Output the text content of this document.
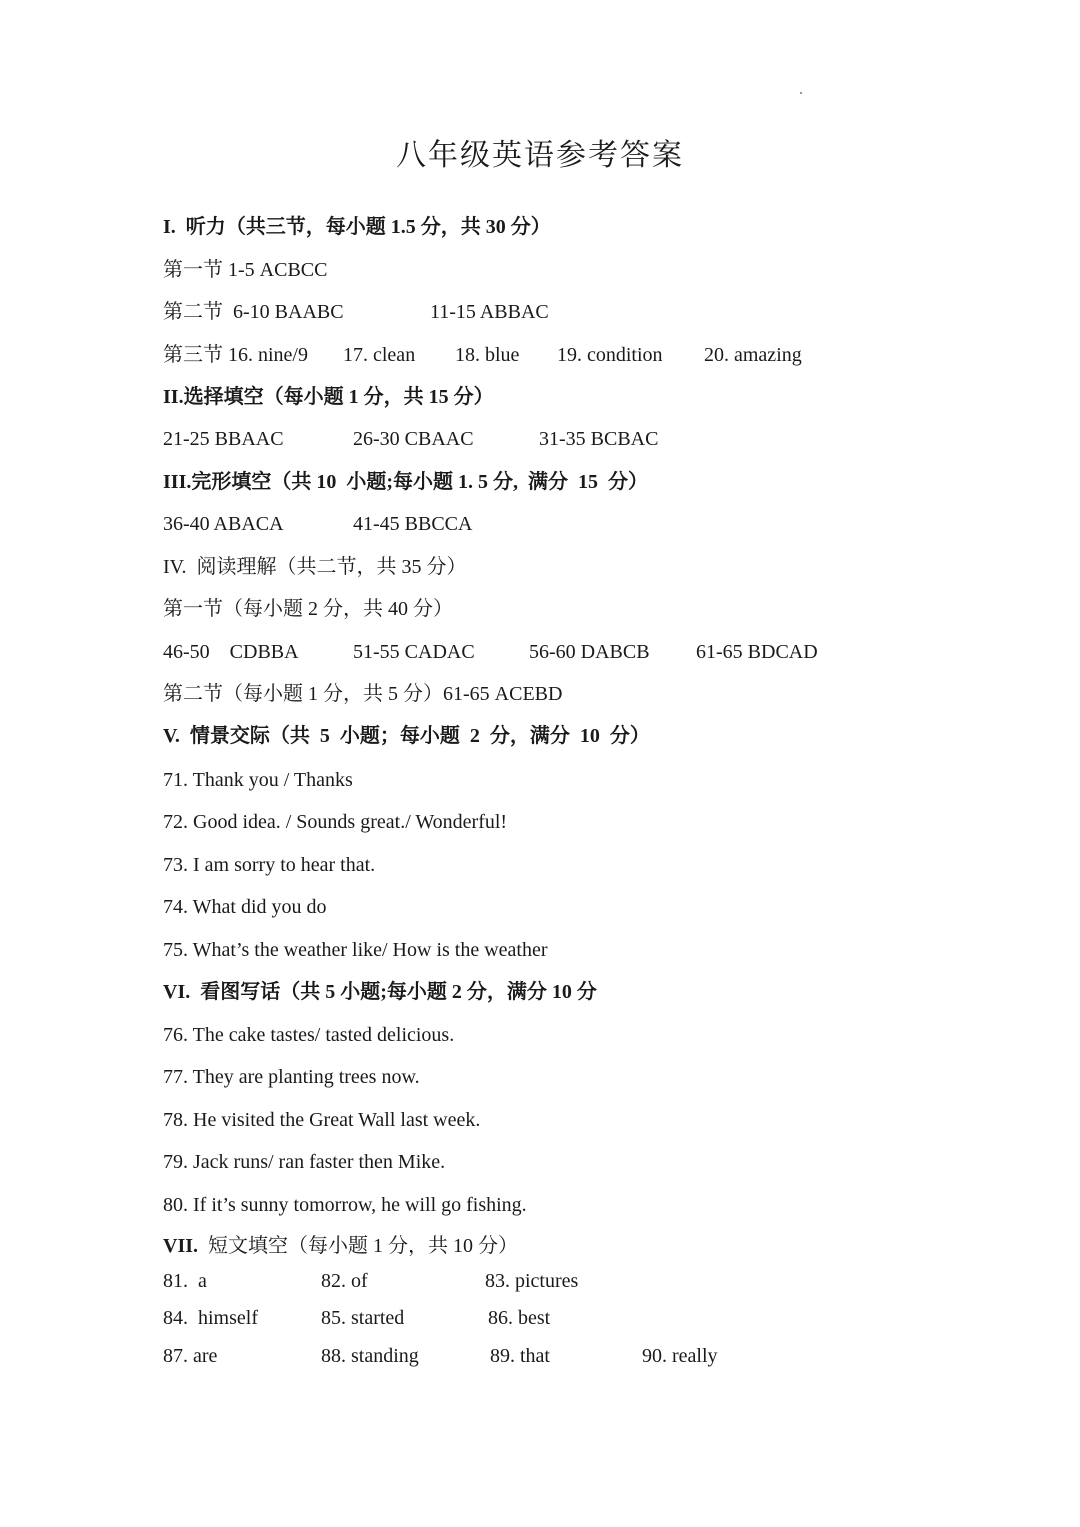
八年级英语参考答案
I.  听力（共三节，每小题 1.5 分，共 30 分）
第一节 1-5 ACBCC
第二节  6-10 BAABC	11-15 ABBAC
第三节 16. nine/9 17. clean 18. blue 19. condition 20. amazing
II.选择填空（每小题 1 分，共 15 分）
21-25 BBAAC	26-30 CBAAC	31-35 BCBAC
III.完形填空（共 10  小题;每小题 1. 5 分,  满分  15  分）
36-40 ABACA	41-45 BBCCA
IV.  阅读理解（共二节，共 35 分）
第一节（每小题 2 分，共 40 分）
46-50    CDBBA	51-55 CADAC	56-60 DABCB 61-65 BDCAD
第二节（每小题 1 分，共 5 分）61-65 ACEBD
V.  情景交际（共  5  小题；每小题  2  分，满分  10  分）
71. Thank you / Thanks
72. Good idea. / Sounds great./ Wonderful!
73. I am sorry to hear that.
74. What did you do
75. What’s the weather like/ How is the weather
VI.  看图写话（共 5 小题;每小题 2 分，满分 10 分
76. The cake tastes/ tasted delicious.
77. They are planting trees now.
78. He visited the Great Wall last week.
79. Jack runs/ ran faster then Mike.
80. If it’s sunny tomorrow, he will go fishing.
VII.  短文填空（每小题 1 分，共 10 分）
81.  a	82. of	83. pictures
84.  himself	85. started	86. best
87. are	88. standing	89. that	90. really
